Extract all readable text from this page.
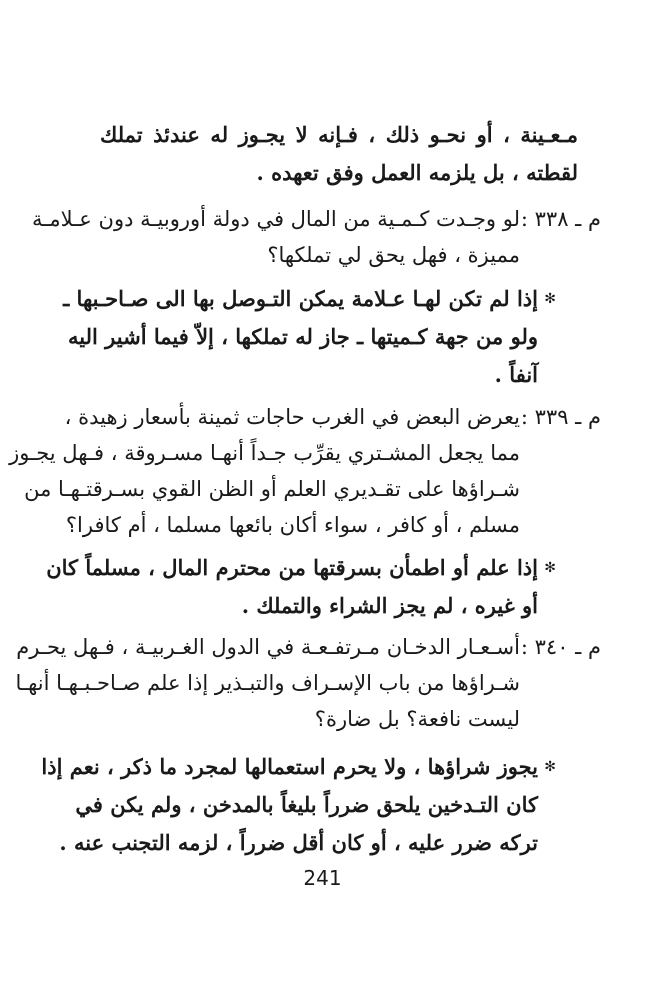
مـعـينة ، أو نحـو ذلك ، فـإنه لا يجـوز له عندئذ تملك
لقطته ، بل يلزمه العمل وفق تعهده .
م ـ ٣٣٨ :
لو وجـدت كـمـية من المال في دولة أوروبيـة دون عـلامـة
مميزة ، فهل يحق لي تملكها؟
✻
إذا لم تكن لهـا عـلامة يمكن التـوصل بها الى صـاحـبها ـ
ولو من جهة كـميتها ـ جاز له تملكها ، إلاّ فيما أشير اليه
آنفاً .
م ـ ٣٣٩ :
يعرض البعض في الغرب حاجات ثمينة بأسعار زهيدة ،
مما يجعل المشـتري يقرِّب جـداً أنهـا مسـروقة ، فـهل يجـوز
شـراؤها على تقـديري العلم أو الظن القوي بسـرقتـهـا من
مسلم ، أو كافر ، سواء أكان بائعها مسلما ، أم كافرا؟
✻
إذا علم أو اطمأن بسرقتها من محترم المال ، مسلماً كان
أو غيره ، لم يجز الشراء والتملك .
م ـ ٣٤٠ :
أسـعـار الدخـان مـرتفـعـة في الدول الغـربيـة ، فـهل يحـرم
شـراؤها من باب الإسـراف والتبـذير إذا علم صـاحـبـهـا أنهـا
ليست نافعة؟ بل ضارة؟
✻
يجوز شراؤها ، ولا يحرم استعمالها لمجرد ما ذكر ، نعم إذا
كان التـدخين يلحق ضرراً بليغاً بالمدخن ، ولم يكن في
تركه ضرر عليه ، أو كان أقل ضرراً ، لزمه التجنب عنه .
241
